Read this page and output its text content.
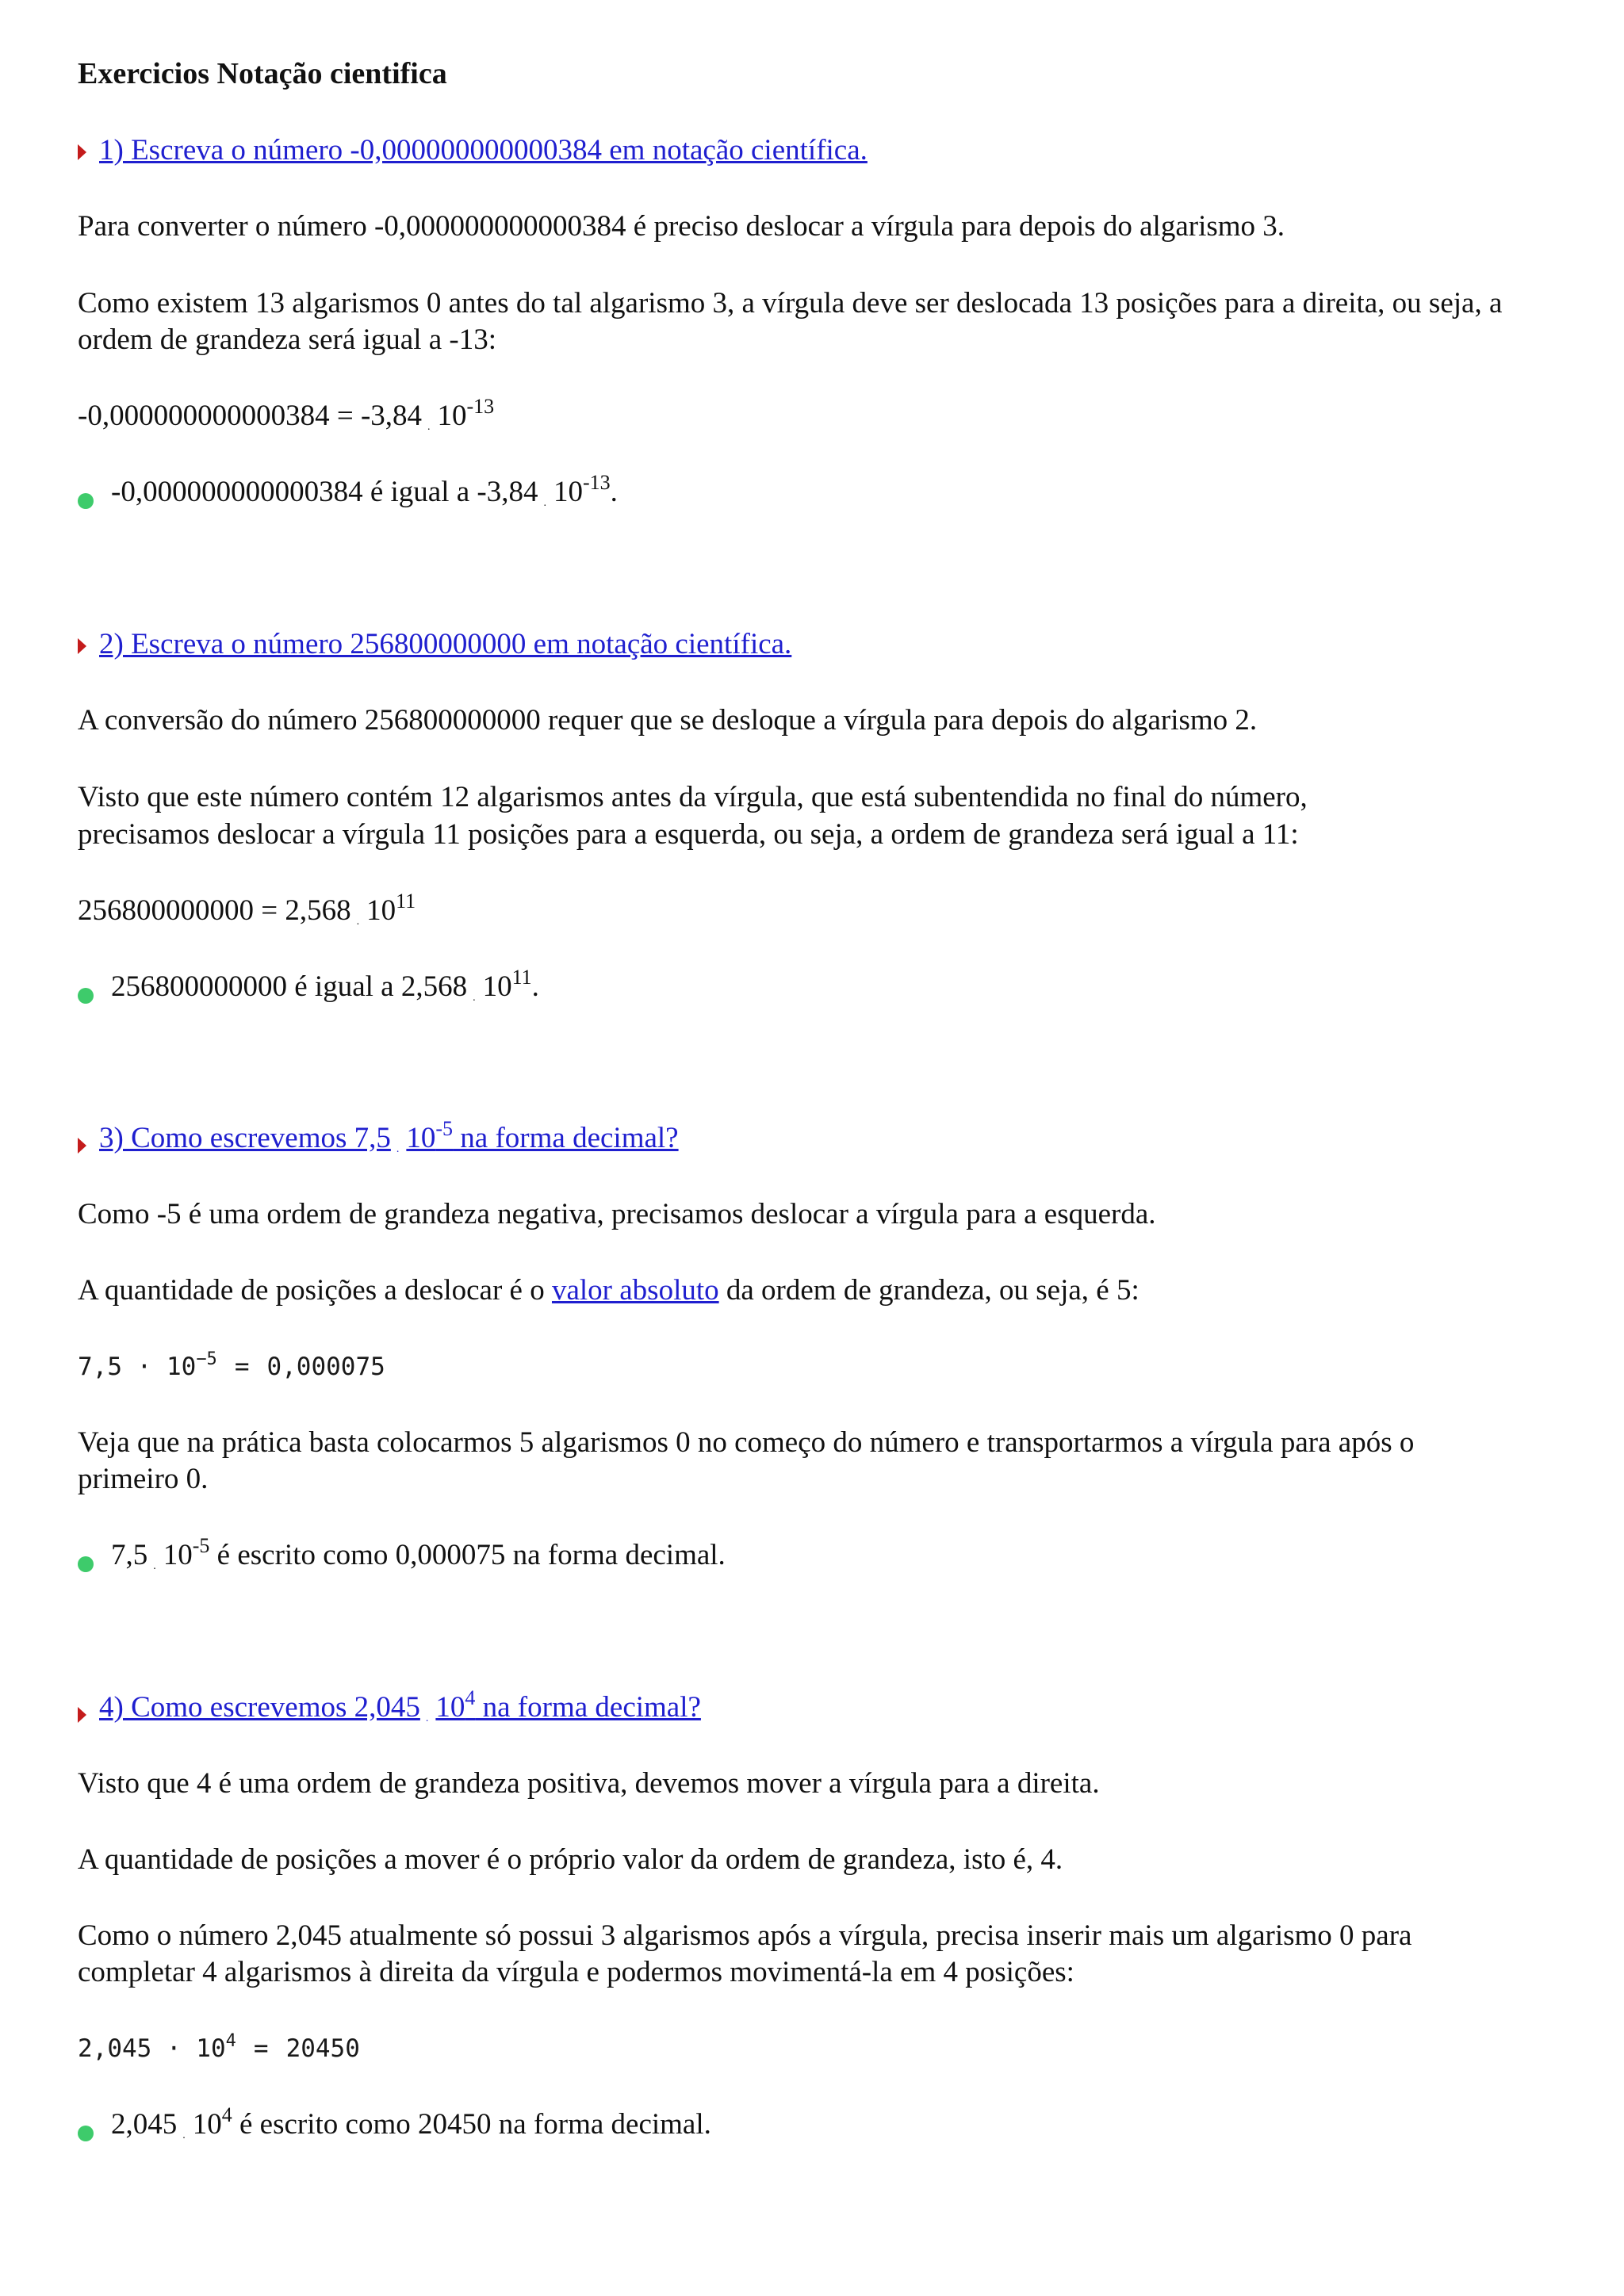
Exercicios Notação cientifica
1) Escreva o número -0,000000000000384 em notação científica.

Para converter o número -0,000000000000384 é preciso deslocar a vírgula para depois do algarismo 3.

Como existem 13 algarismos 0 antes do tal algarismo 3, a vírgula deve ser deslocada 13 posições para a direita, ou seja, a ordem de grandeza será igual a -13:

-0,000000000000384 = -3,84 . $10^{-13}$

-0,000000000000384 é igual a -3,84 . $10^{-13}$.
2) Escreva o número 256800000000 em notação científica.

A conversão do número 256800000000 requer que se desloque a vírgula para depois do algarismo 2.

Visto que este número contém 12 algarismos antes da vírgula, que está subentendida no final do número,

precisamos deslocar a vírgula 11 posições para a esquerda, ou seja, a ordem de grandeza será igual a 11:

256800000000 = 2,568 . $10^{11}$

256800000000 é igual a 2,568 . $10^{11}$.
3) Como escrevemos 7,5 . $10^{-5}$ na forma decimal?

Como -5 é uma ordem de grandeza negativa, precisamos deslocar a vírgula para a esquerda.

A quantidade de posições a deslocar é o valor absoluto da ordem de grandeza, ou seja, é 5:

$7,5 \cdot 10^{-5} = 0,000075$

Veja que na prática basta colocarmos 5 algarismos 0 no começo do número e transportarmos a vírgula para após o

primeiro 0.

7,5 . $10^{-5}$ é escrito como 0,000075 na forma decimal.
4) Como escrevemos 2,045 . $10^4$ na forma decimal?

Visto que 4 é uma ordem de grandeza positiva, devemos mover a vírgula para a direita.

A quantidade de posições a mover é o próprio valor da ordem de grandeza, isto é, 4.

Como o número 2,045 atualmente só possui 3 algarismos após a vírgula, precisa inserir mais um algarismo 0 para

completar 4 algarismos à direita da vírgula e podermos movimentá-la em 4 posições:

$2,045 \cdot 10^4 = 20450$

2,045 . $10^4$ é escrito como 20450 na forma decimal.
